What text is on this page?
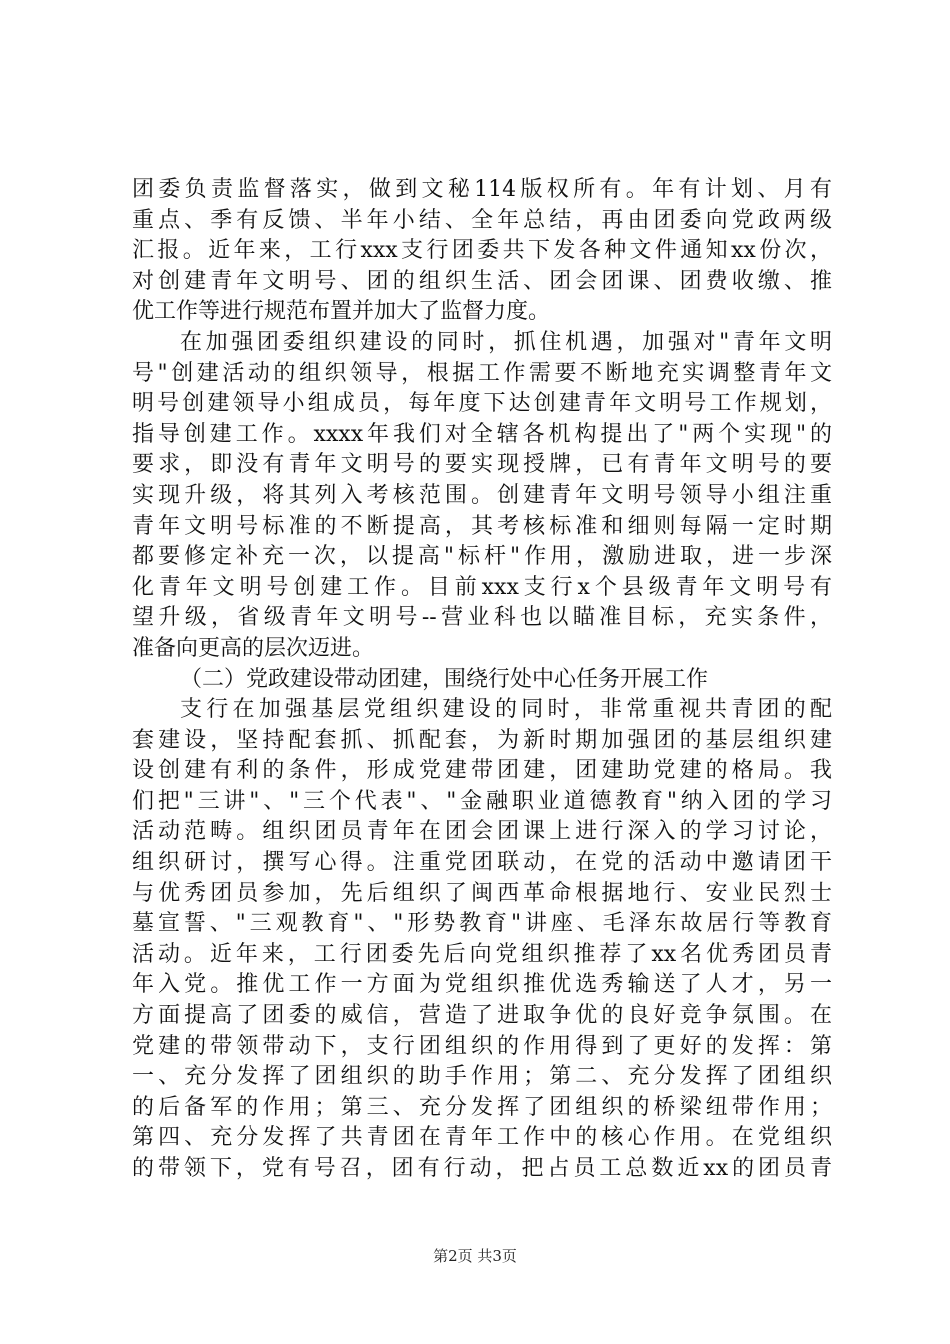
团委负责监督落实，做到文秘114版权所有。年有计划、月有
重点、季有反馈、半年小结、全年总结，再由团委向党政两级
汇报。近年来，工行xxx支行团委共下发各种文件通知xx份次，
对创建青年文明号、团的组织生活、团会团课、团费收缴、推
优工作等进行规范布置并加大了监督力度。
在加强团委组织建设的同时，抓住机遇，加强对"青年文明
号"创建活动的组织领导，根据工作需要不断地充实调整青年文
明号创建领导小组成员，每年度下达创建青年文明号工作规划，
指导创建工作。xxxx年我们对全辖各机构提出了"两个实现"的
要求，即没有青年文明号的要实现授牌，已有青年文明号的要
实现升级，将其列入考核范围。创建青年文明号领导小组注重
青年文明号标准的不断提高，其考核标准和细则每隔一定时期
都要修定补充一次，以提高"标杆"作用，激励进取，进一步深
化青年文明号创建工作。目前xxx支行x个县级青年文明号有
望升级，省级青年文明号--营业科也以瞄准目标，充实条件，
准备向更高的层次迈进。
（二）党政建设带动团建，围绕行处中心任务开展工作
支行在加强基层党组织建设的同时，非常重视共青团的配
套建设，坚持配套抓、抓配套，为新时期加强团的基层组织建
设创建有利的条件，形成党建带团建，团建助党建的格局。我
们把"三讲"、"三个代表"、"金融职业道德教育"纳入团的学习
活动范畴。组织团员青年在团会团课上进行深入的学习讨论，
组织研讨，撰写心得。注重党团联动，在党的活动中邀请团干
与优秀团员参加，先后组织了闽西革命根据地行、安业民烈士
墓宣誓、"三观教育"、"形势教育"讲座、毛泽东故居行等教育
活动。近年来，工行团委先后向党组织推荐了xx名优秀团员青
年入党。推优工作一方面为党组织推优选秀输送了人才，另一
方面提高了团委的威信，营造了进取争优的良好竞争氛围。在
党建的带领带动下，支行团组织的作用得到了更好的发挥：第
一、充分发挥了团组织的助手作用；第二、充分发挥了团组织
的后备军的作用；第三、充分发挥了团组织的桥梁纽带作用；
第四、充分发挥了共青团在青年工作中的核心作用。在党组织
的带领下，党有号召，团有行动，把占员工总数近xx的团员青
第2页 共3页
